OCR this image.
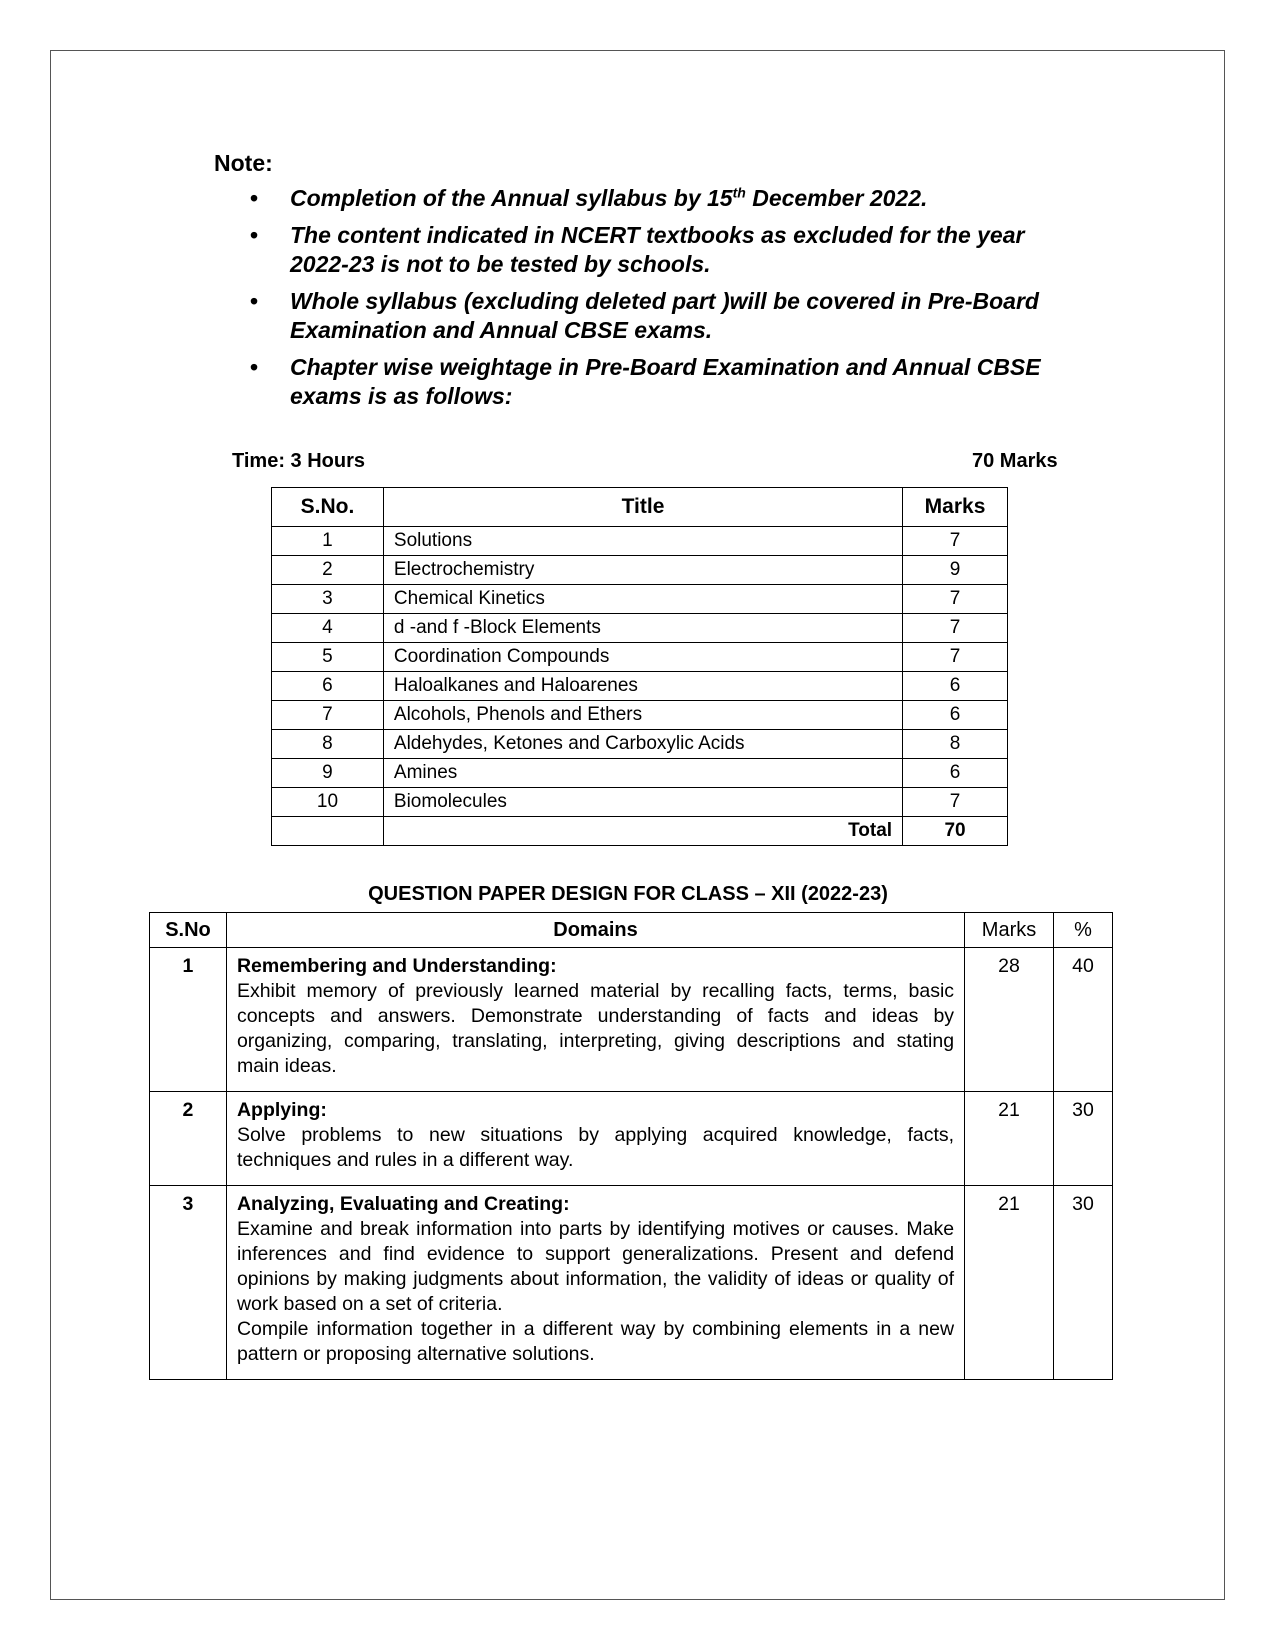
Note:
• Completion of the Annual syllabus by 15th December 2022.
• The content indicated in NCERT textbooks as excluded for the year 2022-23 is not to be tested by schools.
• Whole syllabus (excluding deleted part )will be covered in Pre-Board Examination and Annual CBSE exams.
• Chapter wise weightage in Pre-Board Examination and Annual CBSE exams is as follows:
Time: 3 Hours	70 Marks
S.No.	Title	Marks
1	Solutions	7
2	Electrochemistry	9
3	Chemical Kinetics	7
4	d -and f -Block Elements	7
5	Coordination Compounds	7
6	Haloalkanes and Haloarenes	6
7	Alcohols, Phenols and Ethers	6
8	Aldehydes, Ketones and Carboxylic Acids	8
9	Amines	6
10	Biomolecules	7
	Total	70
QUESTION PAPER DESIGN FOR CLASS – XII (2022-23)
S.No	Domains	Marks	%
1	Remembering and Understanding:
Exhibit memory of previously learned material by recalling facts, terms, basic concepts and answers. Demonstrate understanding of facts and ideas by organizing, comparing, translating, interpreting, giving descriptions and stating main ideas.	28	40
2	Applying:
Solve problems to new situations by applying acquired knowledge, facts, techniques and rules in a different way.	21	30
3	Analyzing, Evaluating and Creating:
Examine and break information into parts by identifying motives or causes. Make inferences and find evidence to support generalizations. Present and defend opinions by making judgments about information, the validity of ideas or quality of work based on a set of criteria.
Compile information together in a different way by combining elements in a new pattern or proposing alternative solutions.	21	30
